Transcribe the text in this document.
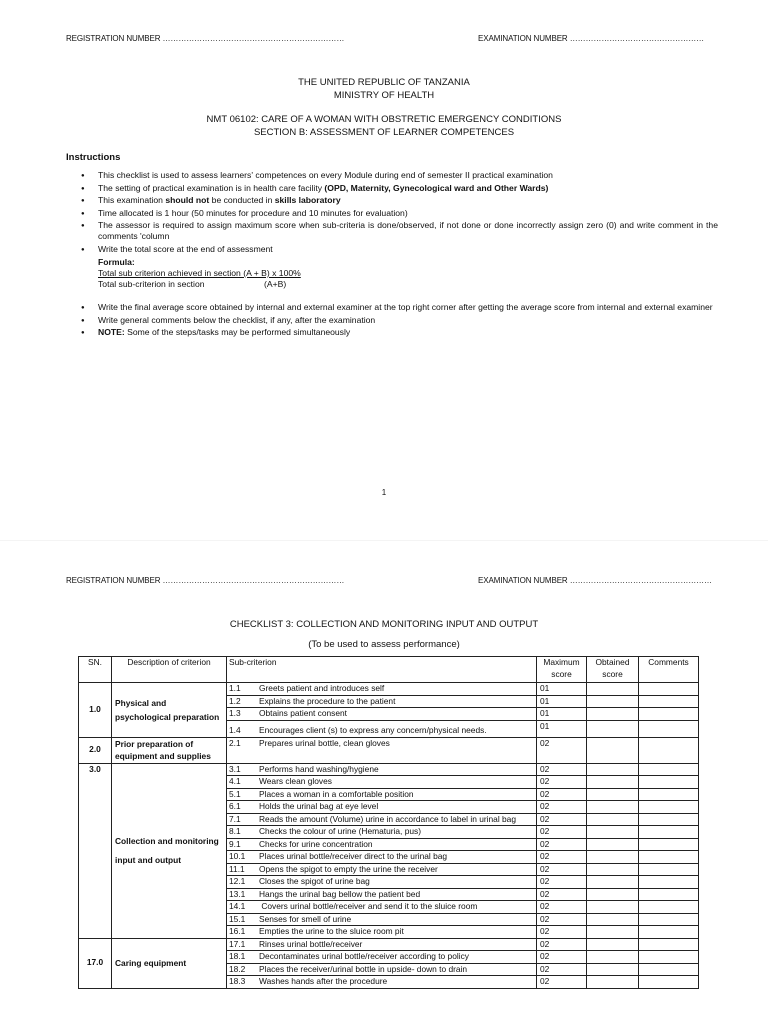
REGISTRATION NUMBER ……………………………………………………………	EXAMINATION NUMBER ……………………………………………
THE UNITED REPUBLIC OF TANZANIA
MINISTRY OF HEALTH
NMT 06102: CARE OF A WOMAN WITH OBSTRETIC EMERGENCY CONDITIONS
SECTION B: ASSESSMENT OF LEARNER COMPETENCES
Instructions
● This checklist is used to assess learners' competences on every Module during end of semester II practical examination
● The setting of practical examination is in health care facility (OPD, Maternity, Gynecological ward and Other Wards)
● This examination should not be conducted in skills laboratory
● Time allocated is 1 hour (50 minutes for procedure and 10 minutes for evaluation)
● The assessor is required to assign maximum score when sub-criteria is done/observed, if not done or done incorrectly assign zero (0) and write comment in the comments 'column
● Write the total score at the end of assessment
Formula:
Total sub criterion achieved in section (A + B) x 100%
Total sub-criterion in section	(A+B)
● Write the final average score obtained by internal and external examiner at the top right corner after getting the average score from internal and external examiner
● Write general comments below the checklist, if any, after the examination
● NOTE: Some of the steps/tasks may be performed simultaneously
1
REGISTRATION NUMBER ……………………………………………………………	EXAMINATION NUMBER ………………………………………………
CHECKLIST 3: COLLECTION AND MONITORING INPUT AND OUTPUT
(To be used to assess performance)
SN.	Description of criterion	Sub-criterion	Maximum score	Obtained score	Comments
1.0	Physical and psychological preparation	1.1 Greets patient and introduces self	01		
		1.2 Explains the procedure to the patient	01		
		1.3 Obtains patient consent	01		
		1.4 Encourages client (s) to express any concern/physical needs.	01		
2.0	Prior preparation of equipment and supplies	2.1 Prepares urinal bottle, clean gloves	02		
3.0	Collection and monitoring input and output	3.1 Performs hand washing/hygiene	02		
		4.1 Wears clean gloves	02		
		5.1 Places a woman in a comfortable position	02		
		6.1 Holds the urinal bag at eye level	02		
		7.1 Reads the amount (Volume) urine in accordance to label in urinal bag	02		
		8.1 Checks the colour of urine (Hematuria, pus)	02		
		9.1 Checks for urine concentration	02		
		10.1 Places urinal bottle/receiver direct to the urinal bag	02		
		11.1 Opens the spigot to empty the urine the receiver	02		
		12.1 Closes the spigot of urine bag	02		
		13.1 Hangs the urinal bag bellow the patient bed	02		
		14.1 Covers urinal bottle/receiver and send it to the sluice room	02		
		15.1 Senses for smell of urine	02		
		16.1 Empties the urine to the sluice room pit	02		
17.0	Caring equipment	17.1 Rinses urinal bottle/receiver	02		
		18.1 Decontaminates urinal bottle/receiver according to policy	02		
		18.2 Places the receiver/urinal bottle in upside- down to drain	02		
		18.3 Washes hands after the procedure	02		
